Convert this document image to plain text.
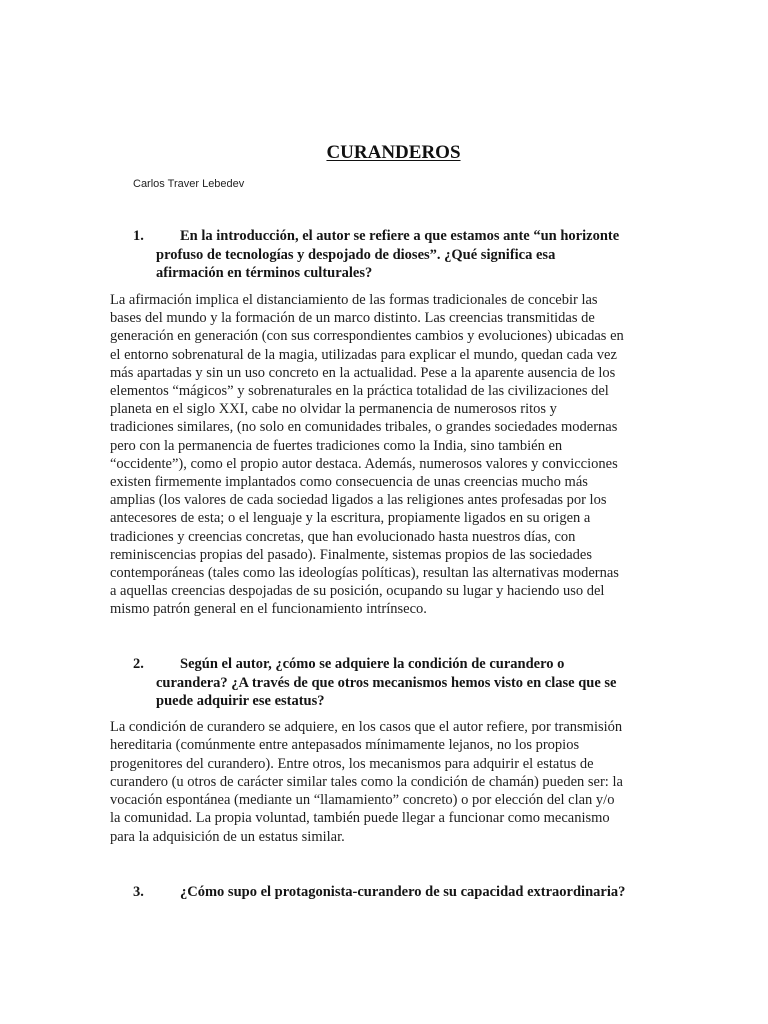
CURANDEROS
Carlos Traver Lebedev
1.	En la introducción, el autor se refiere a que estamos ante “un horizonte
profuso de tecnologías y despojado de dioses”. ¿Qué significa esa
afirmación en términos culturales?
La afirmación implica el distanciamiento de las formas tradicionales de concebir las
bases del mundo y la formación de un marco distinto. Las creencias transmitidas de
generación en generación (con sus correspondientes cambios y evoluciones) ubicadas en
el entorno sobrenatural de la magia, utilizadas para explicar el mundo, quedan cada vez
más apartadas y sin un uso concreto en la actualidad. Pese a la aparente ausencia de los
elementos “mágicos” y sobrenaturales en la práctica totalidad de las civilizaciones del
planeta en el siglo XXI, cabe no olvidar la permanencia de numerosos ritos y
tradiciones similares, (no solo en comunidades tribales, o grandes sociedades modernas
pero con la permanencia de fuertes tradiciones como la India, sino también en
“occidente”), como el propio autor destaca. Además, numerosos valores y convicciones
existen firmemente implantados como consecuencia de unas creencias mucho más
amplias (los valores de cada sociedad ligados a las religiones antes profesadas por los
antecesores de esta; o el lenguaje y la escritura, propiamente ligados en su origen a
tradiciones y creencias concretas, que han evolucionado hasta nuestros días, con
reminiscencias propias del pasado). Finalmente, sistemas propios de las sociedades
contemporáneas (tales como las ideologías políticas), resultan las alternativas modernas
a aquellas creencias despojadas de su posición, ocupando su lugar y haciendo uso del
mismo patrón general en el funcionamiento intrínseco.
2.	Según el autor, ¿cómo se adquiere la condición de curandero o
curandera? ¿A través de que otros mecanismos hemos visto en clase que se
puede adquirir ese estatus?
La condición de curandero se adquiere, en los casos que el autor refiere, por transmisión
hereditaria (comúnmente entre antepasados mínimamente lejanos, no los propios
progenitores del curandero). Entre otros, los mecanismos para adquirir el estatus de
curandero (u otros de carácter similar tales como la condición de chamán) pueden ser: la
vocación espontánea (mediante un “llamamiento” concreto) o por elección del clan y/o
la comunidad. La propia voluntad, también puede llegar a funcionar como mecanismo
para la adquisición de un estatus similar.
3.	¿Cómo supo el protagonista-curandero de su capacidad extraordinaria?
